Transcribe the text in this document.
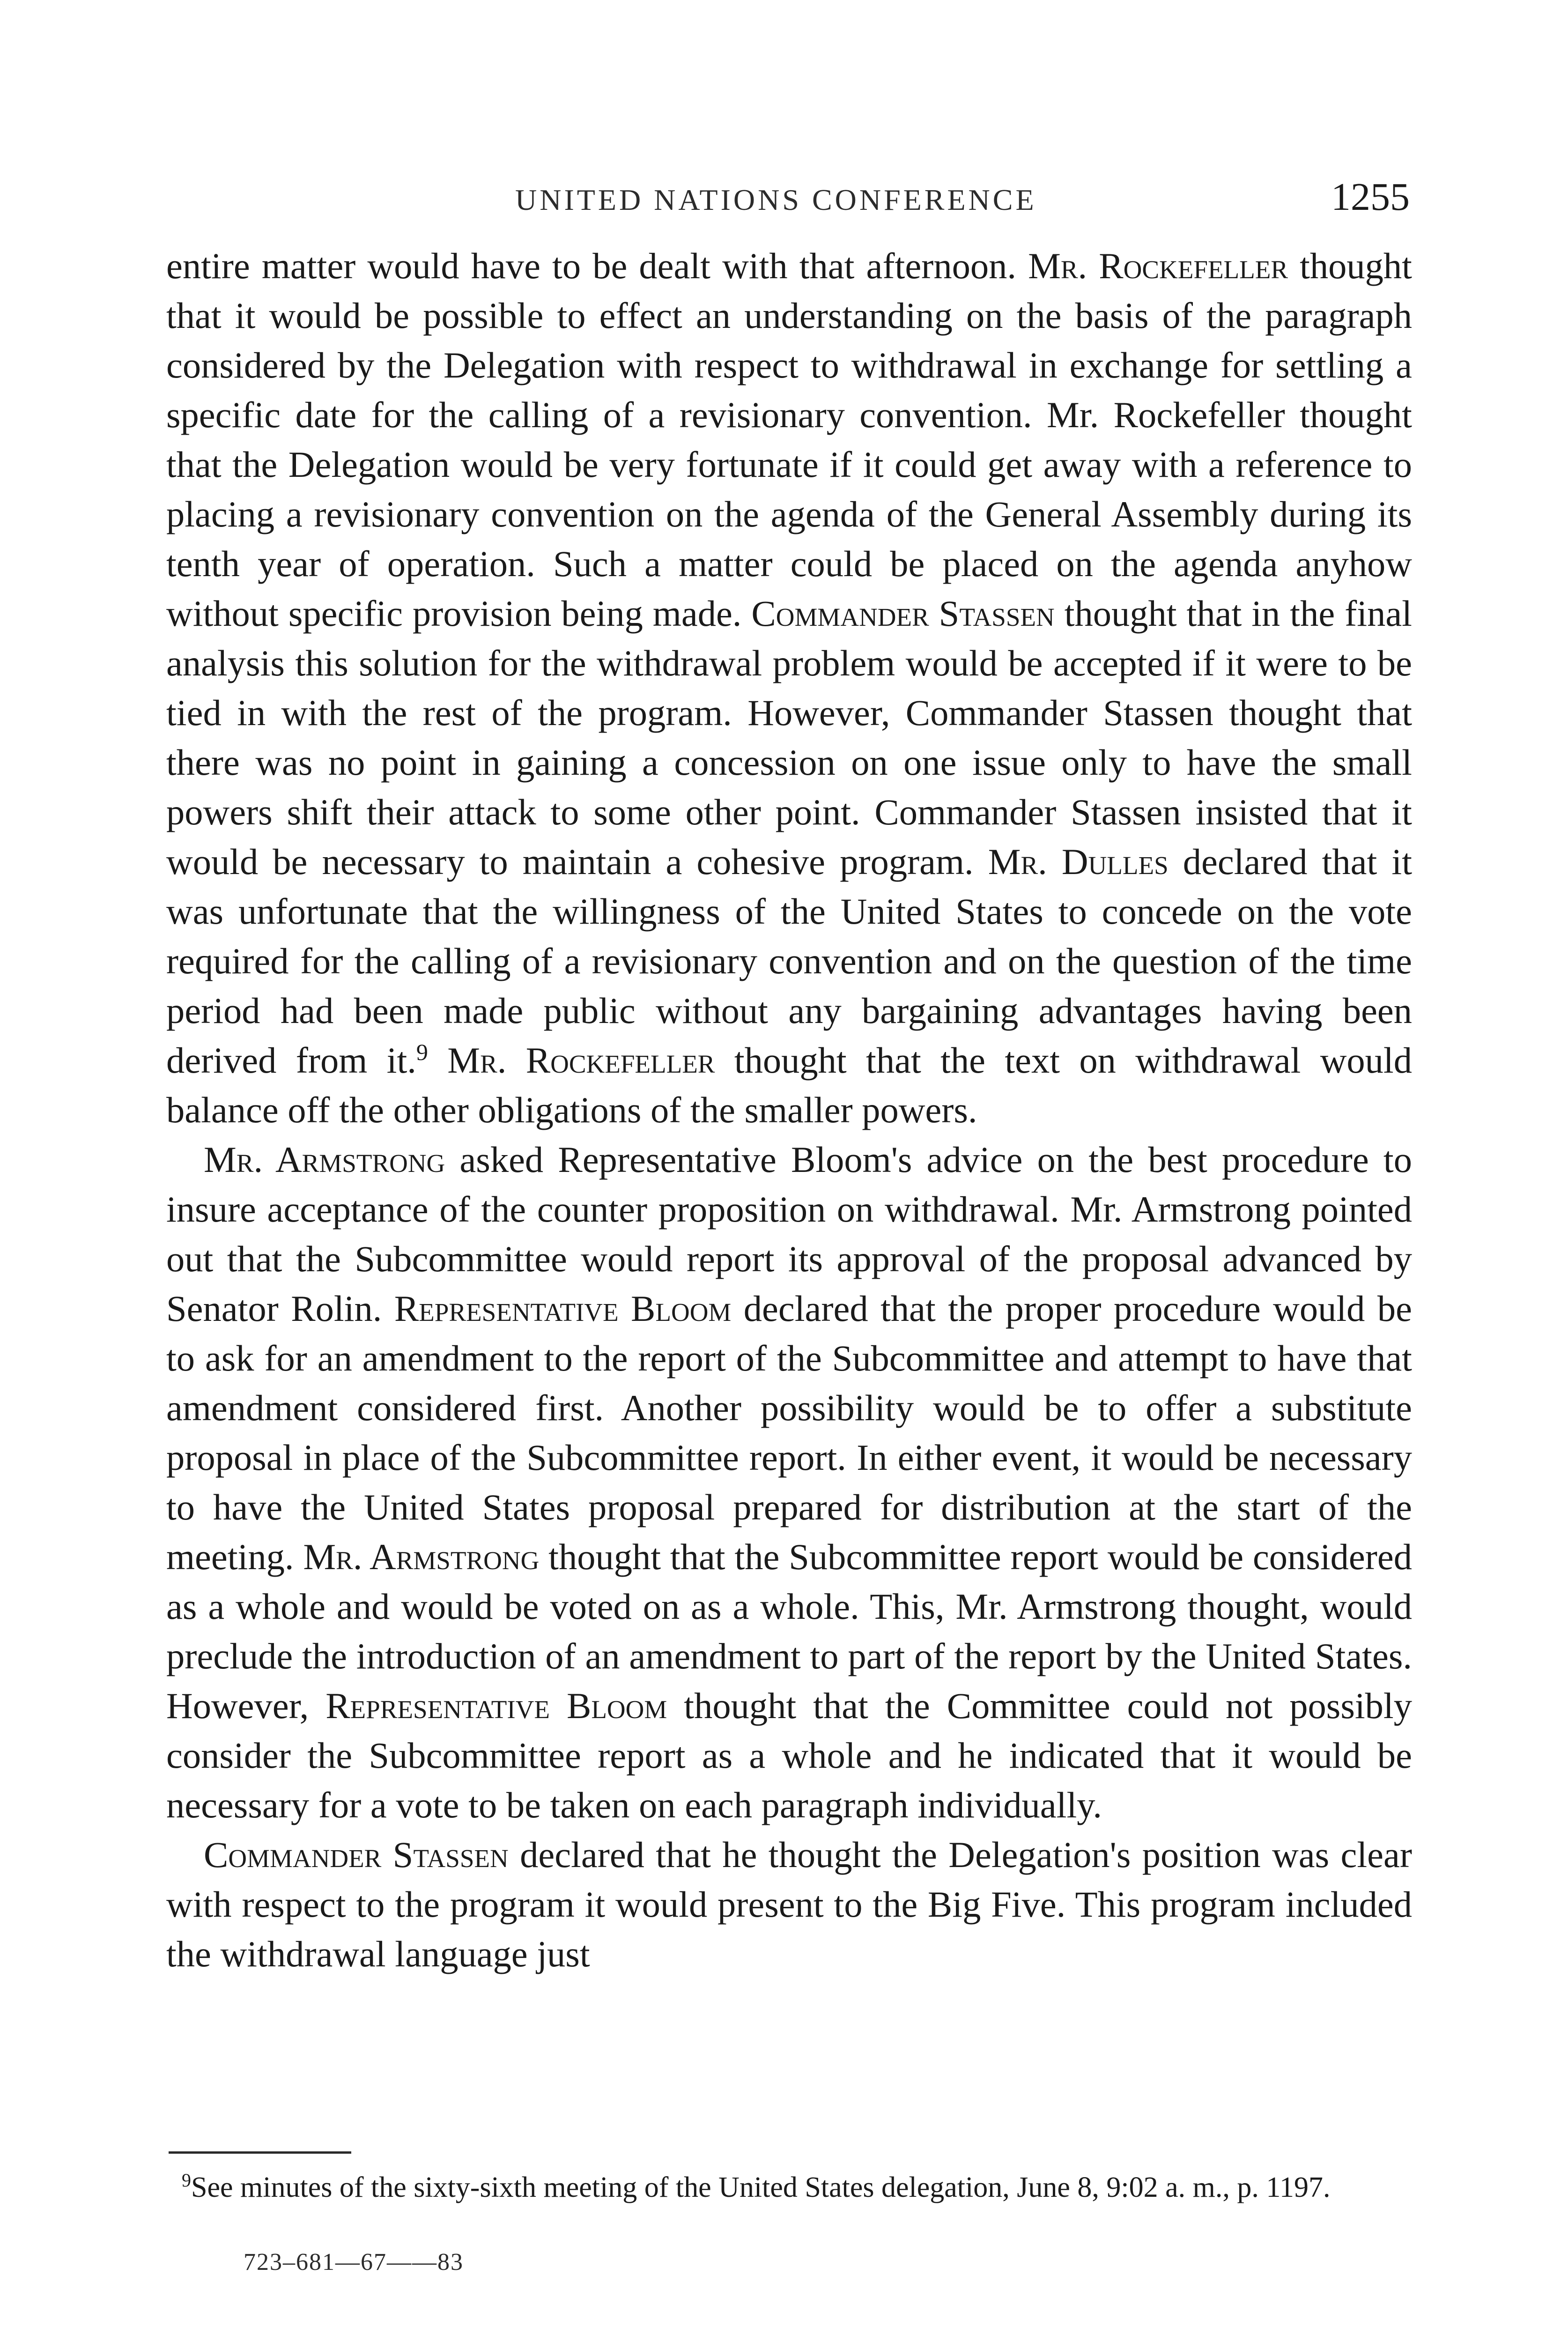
UNITED NATIONS CONFERENCE	1255

entire matter would have to be dealt with that afternoon. Mr. Rockefeller thought that it would be possible to effect an understanding on the basis of the paragraph considered by the Delegation with respect to withdrawal in exchange for settling a specific date for the calling of a revisionary convention. Mr. Rockefeller thought that the Delegation would be very fortunate if it could get away with a reference to placing a revisionary convention on the agenda of the General Assembly during its tenth year of operation. Such a matter could be placed on the agenda anyhow without specific provision being made. Commander Stassen thought that in the final analysis this solution for the withdrawal problem would be accepted if it were to be tied in with the rest of the program. However, Commander Stassen thought that there was no point in gaining a concession on one issue only to have the small powers shift their attack to some other point. Commander Stassen insisted that it would be necessary to maintain a cohesive program. Mr. Dulles declared that it was unfortunate that the willingness of the United States to concede on the vote required for the calling of a revisionary convention and on the question of the time period had been made public without any bargaining advantages having been derived from it.$^9$ Mr. Rockefeller thought that the text on withdrawal would balance off the other obligations of the smaller powers.

Mr. Armstrong asked Representative Bloom's advice on the best procedure to insure acceptance of the counter proposition on withdrawal. Mr. Armstrong pointed out that the Subcommittee would report its approval of the proposal advanced by Senator Rolin. Representative Bloom declared that the proper procedure would be to ask for an amendment to the report of the Subcommittee and attempt to have that amendment considered first. Another possibility would be to offer a substitute proposal in place of the Subcommittee report. In either event, it would be necessary to have the United States proposal prepared for distribution at the start of the meeting. Mr. Armstrong thought that the Subcommittee report would be considered as a whole and would be voted on as a whole. This, Mr. Armstrong thought, would preclude the introduction of an amendment to part of the report by the United States. However, Representative Bloom thought that the Committee could not possibly consider the Subcommittee report as a whole and he indicated that it would be necessary for a vote to be taken on each paragraph individually.

Commander Stassen declared that he thought the Delegation's position was clear with respect to the program it would present to the Big Five. This program included the withdrawal language just

$^9$See minutes of the sixty-sixth meeting of the United States delegation, June 8, 9:02 a. m., p. 1197.
723–681—67——83
